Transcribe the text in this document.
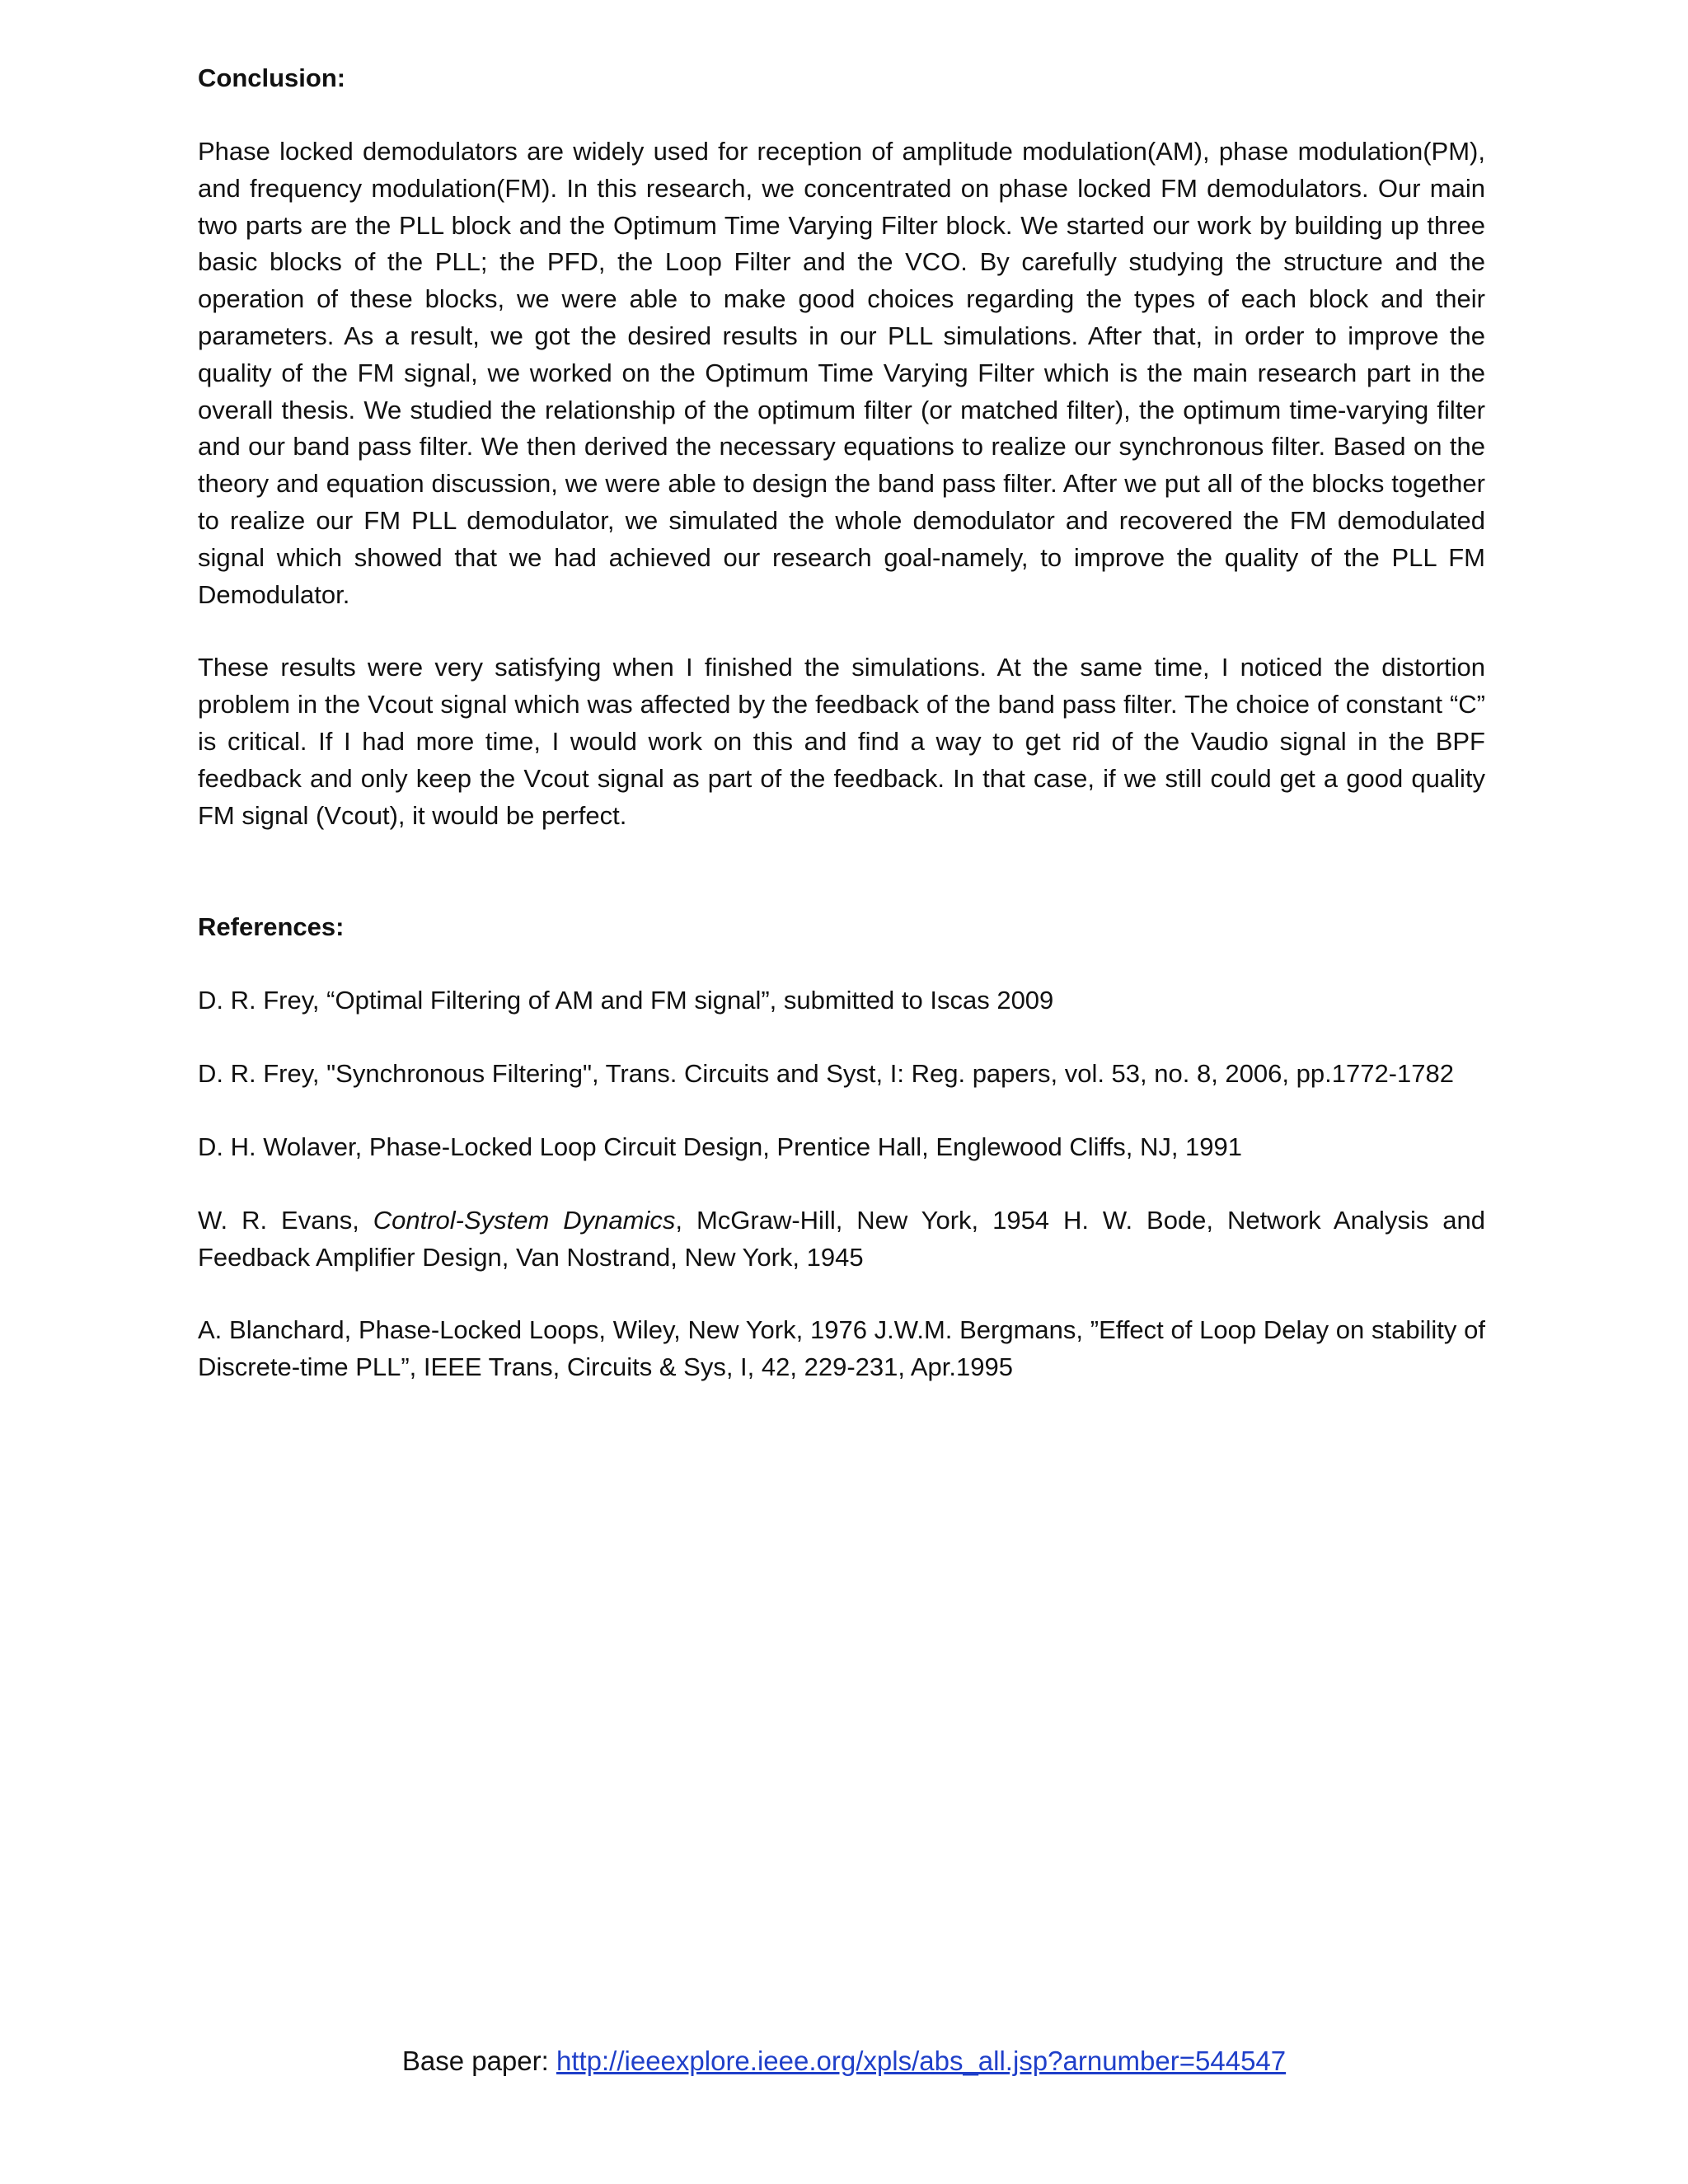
Conclusion:

Phase locked demodulators are widely used for reception of amplitude modulation(AM), phase modulation(PM), and frequency modulation(FM). In this research, we concentrated on phase locked FM demodulators. Our main two parts are the PLL block and the Optimum Time Varying Filter block. We started our work by building up three basic blocks of the PLL; the PFD, the Loop Filter and the VCO. By carefully studying the structure and the operation of these blocks, we were able to make good choices regarding the types of each block and their parameters. As a result, we got the desired results in our PLL simulations. After that, in order to improve the quality of the FM signal, we worked on the Optimum Time Varying Filter which is the main research part in the overall thesis. We studied the relationship of the optimum filter (or matched filter), the optimum time-varying filter and our band pass filter. We then derived the necessary equations to realize our synchronous filter. Based on the theory and equation discussion, we were able to design the band pass filter. After we put all of the blocks together to realize our FM PLL demodulator, we simulated the whole demodulator and recovered the FM demodulated signal which showed that we had achieved our research goal-namely, to improve the quality of the PLL FM Demodulator.

These results were very satisfying when I finished the simulations. At the same time, I noticed the distortion problem in the Vcout signal which was affected by the feedback of the band pass filter. The choice of constant “C” is critical. If I had more time, I would work on this and find a way to get rid of the Vaudio signal in the BPF feedback and only keep the Vcout signal as part of the feedback. In that case, if we still could get a good quality FM signal (Vcout), it would be perfect.

References:

D. R. Frey, “Optimal Filtering of AM and FM signal”, submitted to Iscas 2009

D. R. Frey, "Synchronous Filtering", Trans. Circuits and Syst, I: Reg. papers, vol. 53, no. 8, 2006, pp.1772-1782

D. H. Wolaver, Phase-Locked Loop Circuit Design, Prentice Hall, Englewood Cliffs, NJ, 1991

W. R. Evans, Control-System Dynamics, McGraw-Hill, New York, 1954 H. W. Bode, Network Analysis and Feedback Amplifier Design, Van Nostrand, New York, 1945

A. Blanchard, Phase-Locked Loops, Wiley, New York, 1976 J.W.M. Bergmans, ”Effect of Loop Delay on stability of Discrete-time PLL”, IEEE Trans, Circuits & Sys, I, 42, 229-231, Apr.1995

Base paper: http://ieeexplore.ieee.org/xpls/abs_all.jsp?arnumber=544547
